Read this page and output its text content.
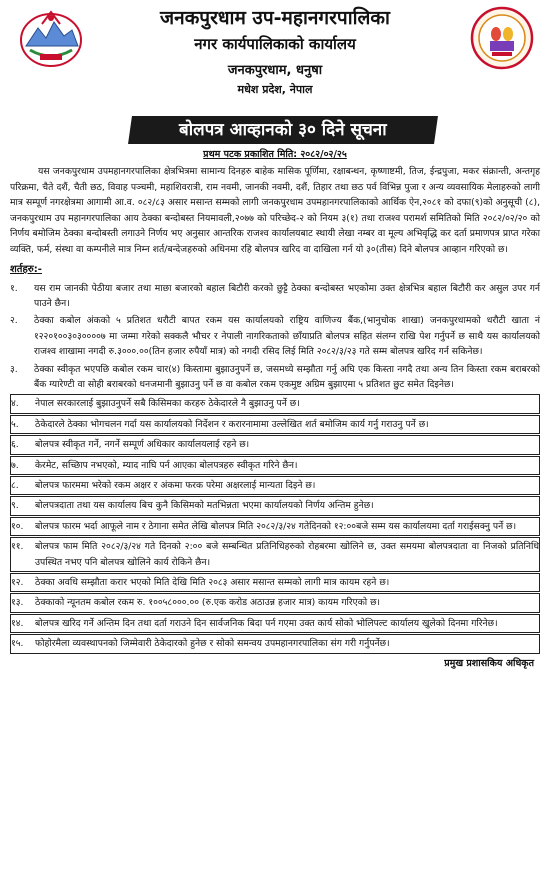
जनकपुरधाम उप-महानगरपालिका
नगर कार्यपालिकाको कार्यालय
जनकपुरधाम, धनुषा
मधेश प्रदेश, नेपाल
बोलपत्र आव्हानको ३० दिने सूचना
प्रथम पटक प्रकाशित मिति: २०८२/०२/२५

यस जनकपुरधाम उपमहानगरपालिका क्षेत्रभित्रमा सामान्य दिनहरु बाहेक मासिक पूर्णिमा, रक्षाबन्धन, कृष्णाष्टमी, तिज, ईन्द्रपुजा, मकर संक्रान्ती, अन्तगृह परिक्रमा, चैते दशैं, चैती छठ, विवाह पञ्चमी, महाशिवरात्री, राम नवमी, जानकी नवमी, दशैं, तिहार तथा छठ पर्व विभिन्न पुजा र अन्य व्यवसायिक मेलाहरुको लागी मात्र सम्पूर्ण नगरक्षेत्रमा आगामी आ.व. ०८२/८३ असार मसान्त सम्मको लागी जनकपुरधाम उपमहानगरपालिकाको आर्थिक ऐन,२०८१ को दफा(९)को अनुसूची (८), जनकपुरधाम उप महानगरपालिका आय ठेक्का बन्दोबस्त नियमावली,२०७७ को परिच्छेद-२ को नियम ३(१) तथा राजश्व परामर्श समितिको मिति २०८२/०२/२० को निर्णय बमोजिम ठेक्का बन्दोबस्ती लगाउने निर्णय भए अनुसार आन्तरिक राजश्व कार्यालयबाट स्थायी लेखा नम्बर वा मूल्य अभिवृद्धि कर दर्ता प्रमाणपत्र प्राप्त गरेका व्यक्ति, फर्म, संस्था वा कम्पनीले मात्र निम्न शर्त/बन्देजहरुको अधिनमा रहि बोलपत्र खरिद वा दाखिला गर्न यो ३०(तीस) दिने बोलपत्र आव्हान गरिएको छ।

शर्तहरु:-
१.	यस राम जानकी पेठीया बजार तथा माछा बजारको बहाल बिटौरी करको छुट्टै ठेक्का बन्दोबस्त भएकोमा उक्त क्षेत्रभित्र बहाल बिटौरी कर असुल उपर गर्न पाउने छैन।
२.	ठेक्का कबोल अंकको ५ प्रतिशत धरौटी बापत रकम यस कार्यालयको राष्ट्रिय वाणिज्य बैंक,(भानुचोक शाखा) जनकपुरधामको धरौटी खाता नं १२२०१००३०३००००७ मा जम्मा गरेको सक्कलै भौचर र नेपाली नागरिकताको छाँयाप्रति बोलपत्र सहित संलग्न राखि पेश गर्नुपर्ने छ साथै यस कार्यालयको राजश्व शाखामा नगदी रु.३०००.००(तिन हजार रुपैयाँ मात्र) को नगदी रसिद लिई मिति २०८२/३/२३ गते सम्म बोलपत्र खरिद गर्न सकिनेछ।
३.	ठेक्का स्वीकृत भएपछि कबोल रकम चार(४) किस्तामा बुझाउनुपर्ने छ, जसमध्ये सम्झौता गर्नु अघि एक किस्ता नगदै तथा अन्य तिन किस्ता रकम बराबरको बैंक ग्यारेण्टी वा सोही बराबरको धनजमानी बुझाउनु पर्ने छ वा कबोल रकम एकमुष्ट अग्रिम बुझाएमा ५ प्रतिशत छुट समेत दिइनेछ।
४.	नेपाल सरकारलाई बुझाउनुपर्ने सबै किसिमका करहरु ठेकेदारले नै बुझाउनु पर्ने छ।
५.	ठेकेदारले ठेक्का भोगचलन गर्दा यस कार्यालयको निर्देशन र करारनामामा उल्लेखित शर्त बमोजिम कार्य गर्नु गराउनु पर्ने छ।
६.	बोलपत्र स्वीकृत गर्ने, नगर्ने सम्पूर्ण अधिकार कार्यालयलाई रहने छ।
७.	केरमेट, सच्छिाप नभएको, म्याद नाघि पर्न आएका बोलपत्रहरु स्वीकृत गरिने छैन।
८.	बोलपत्र फारममा भरेको रकम अक्षर र अंकमा फरक परेमा अक्षरलाई मान्यता दिइने छ।
९.	बोलपत्रदाता तथा यस कार्यालय बिच कुनै किसिमको मतभिन्नता भएमा कार्यालयको निर्णय अन्तिम हुनेछ।
१०.	बोलपत्र फारम भर्दा आफूले नाम र ठेगाना समेत लेखि बोलपत्र मिति २०८२/३/२४ गतेदिनको १२:००बजे सम्म यस कार्यालयमा दर्ता गराईसक्नु पर्ने छ।
११.	बोलपत्र फाम मिति २०८२/३/२४ गते दिनको २:०० बजे सम्बन्धित प्रतिनिधिहरुको रोहबरमा खोलिने छ, उक्त समयमा बोलपत्रदाता वा निजको प्रतिनिधि उपस्थित नभए पनि बोलपत्र खोलिने कार्य रोकिने छैन।
१२.	ठेक्का अवधि सम्झौता करार भएको मिति देखि मिति २०८३ असार मसान्त सम्मको लागी मात्र कायम रहने छ।
१३.	ठेक्काको न्यूनतम कबोल रकम रु. १००५८०००.०० (रु.एक करोड अठाउन्न हजार मात्र) कायम गरिएको छ।
१४.	बोलपत्र खरिद गर्ने अन्तिम दिन तथा दर्ता गराउने दिन सार्वजनिक बिदा पर्न गएमा उक्त कार्य सोको भोलिपल्ट कार्यालय खुलेको दिनमा गरिनेछ।
१५.	फोहोरमैला व्यवस्थापनको जिम्मेवारी ठेकेदारको हुनेछ र सोको समन्वय उपमहानगरपालिका संग गरी गर्नुपर्नेछ।
प्रमुख प्रशासकिय अधिकृत
